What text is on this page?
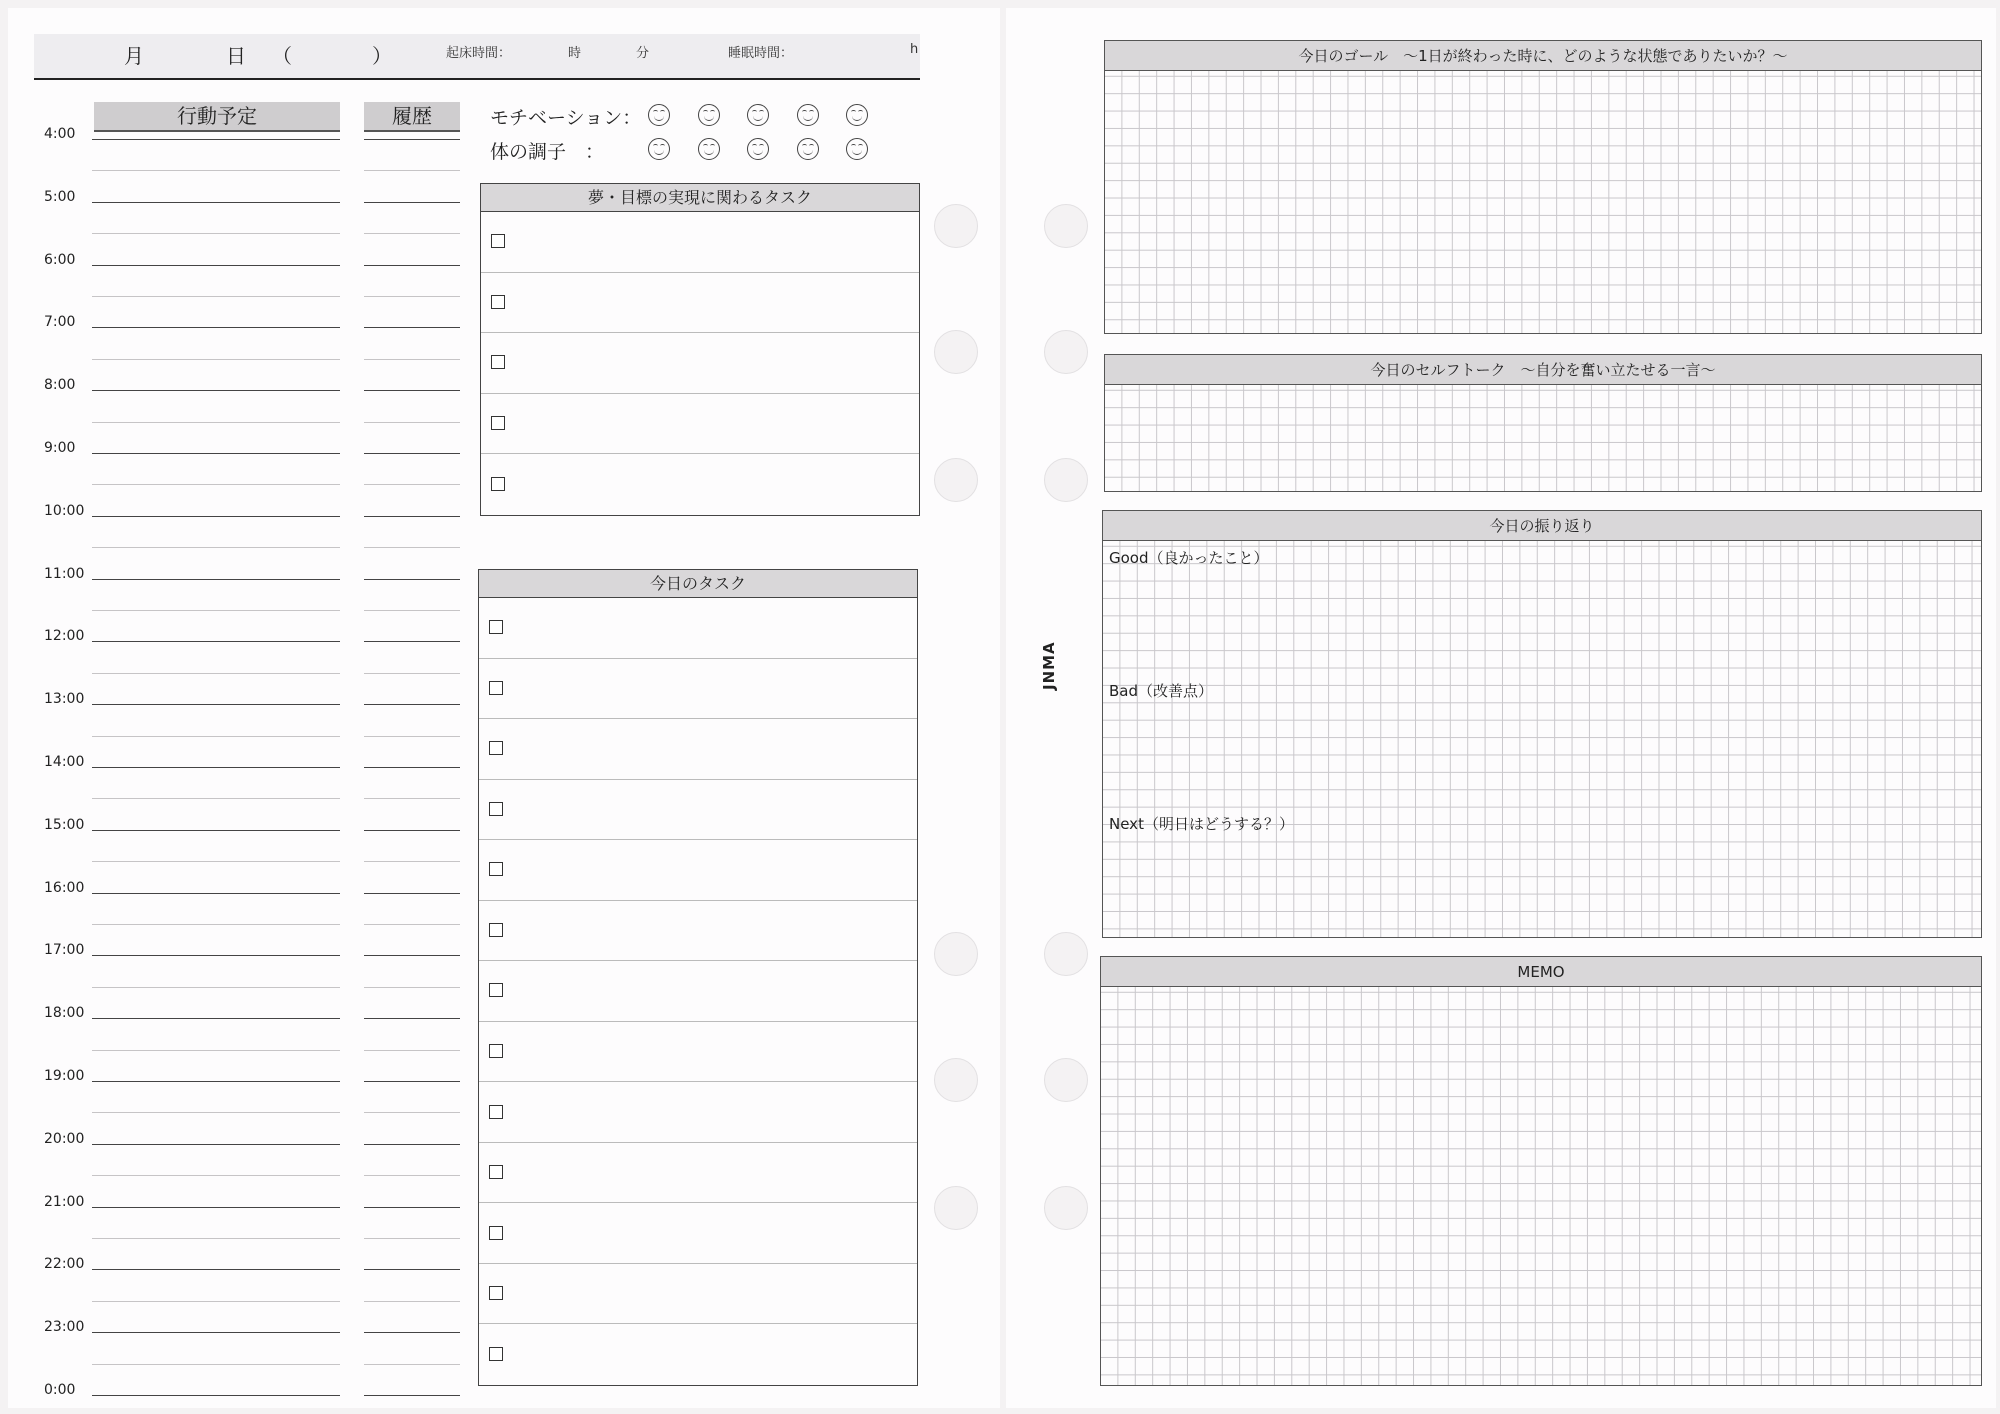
月	日 （	）	起床時間：	時	分	睡眠時間：	h
行動予定	履歴
4:00
5:00
6:00
7:00
8:00
9:00
10:00
11:00
12:00
13:00
14:00
15:00
16:00
17:00
18:00
19:00
20:00
21:00
22:00
23:00
0:00
モチベーション：
体の調子　：
夢・目標の実現に関わるタスク
今日のタスク
JNMA
今日のゴール　～1日が終わった時に、どのような状態でありたいか？～
今日のセルフトーク　～自分を奮い立たせる一言～
今日の振り返り
Good（良かったこと）
Bad（改善点）
Next（明日はどうする？）
MEMO
